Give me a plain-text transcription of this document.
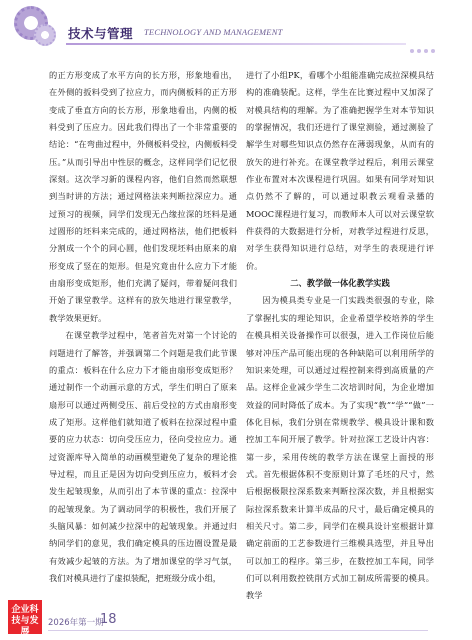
技术与管理 TECHNOLOGY AND MANAGEMENT

的正方形变成了水平方向的长方形，形象地看出，在外侧的扳料受到了拉应力，而内侧板料的正方形变成了垂直方向的长方形，形象地看出，内侧的板料受到了压应力。因此我们得出了一个非常重要的结论：“在弯曲过程中，外侧板料受拉，内侧板料受压。”从而引导出中性层的概念，这样同学们记忆很深刻。这次学习新的课程内容，他们自然而然联想到当时讲的方法；通过网格法来判断拉深应力。通过预习的视频，同学们发现无凸缘拉深的坯料是通过圆形的坯料来完成的，通过网格法，他们把板料分割成一个个的同心圆，他们发现坯料由原来的扇形变成了竖在的矩形。但是究竟由什么应力下才能由扇形变成矩形，他们充满了疑问，带着疑问我们开始了课堂教学。这样有的放矢地进行课堂教学，教学效果更好。

在课堂教学过程中，笔者首先对第一个讨论的问题进行了解答，并强调第二个问题是我们此节课的重点：板料在什么应力下才能由扇形变成矩形？通过制作一个动画示意的方式，学生们明白了原来扇形可以通过两侧受压、前后受拉的方式由扇形变成了矩形。这样他们就知道了板料在拉深过程中重要的应力状态：切向受压应力，径向受拉应力。通过资源库导入简单的动画模型避免了复杂的理论推导过程，而且正是因为切向受到压应力，板料才会发生起皱现象，从而引出了本节课的重点：拉深中的起皱现象。为了调动同学的积极性，我们开展了头脑风暴：如何减少拉深中的起皱现象。并通过归纳同学们的意见，我们确定模具的压边圈设置是最有效减少起皱的方法。为了增加课堂的学习气氛，我们对模具进行了虚拟装配，把班级分成小组，

进行了小组PK，看哪个小组能准确完成拉深模具结构的准确装配。这样，学生在比赛过程中又加深了对模具结构的理解。为了准确把握学生对本节知识的掌握情况，我们还进行了课堂测验，通过测验了解学生对哪些知识点仍然存在薄弱现象，从而有的放矢的进行补充。在课堂教学过程后，利用云课堂作业布置对本次课程进行巩固。如果有同学对知识点仍然不了解的，可以通过职教云观看录播的MOOC课程进行复习，而教师本人可以对云课堂软件获得的大数据进行分析，对教学过程进行反思，对学生获得知识进行总结，对学生的表现进行评价。

二、教学做一体化教学实践

因为模具类专业是一门实践类很强的专业，除了掌握扎实的理论知识，企业希望学校培养的学生在模具相关设备操作可以很强，进入工作岗位后能够对冲压产品可能出现的各种缺陷可以利用所学的知识来处理，可以通过过程控制来得到高质量的产品。这样企业减少学生二次培训时间，为企业增加效益的同时降低了成本。为了实现“教”“学”“做”一体化目标，我们分别在常规教学、模具设计课和数控加工车间开展了教学。针对拉深工艺设计内容：第一步，采用传统的教学方法在课堂上面授的形式。首先根据体积不变原则计算了毛坯的尺寸，然后根据极限拉深系数来判断拉深次数，并且根据实际拉深系数来计算半成品的尺寸，最后确定模具的相关尺寸。第二步，同学们在模具设计室根据计算确定前面的工艺参数进行三维模具选型，并且导出可以加工的程序。第三步，在数控加工车间，同学们可以利用数控铣削方式加工制成所需要的模具。教学

企业科技与发展
2026年第一期
18
